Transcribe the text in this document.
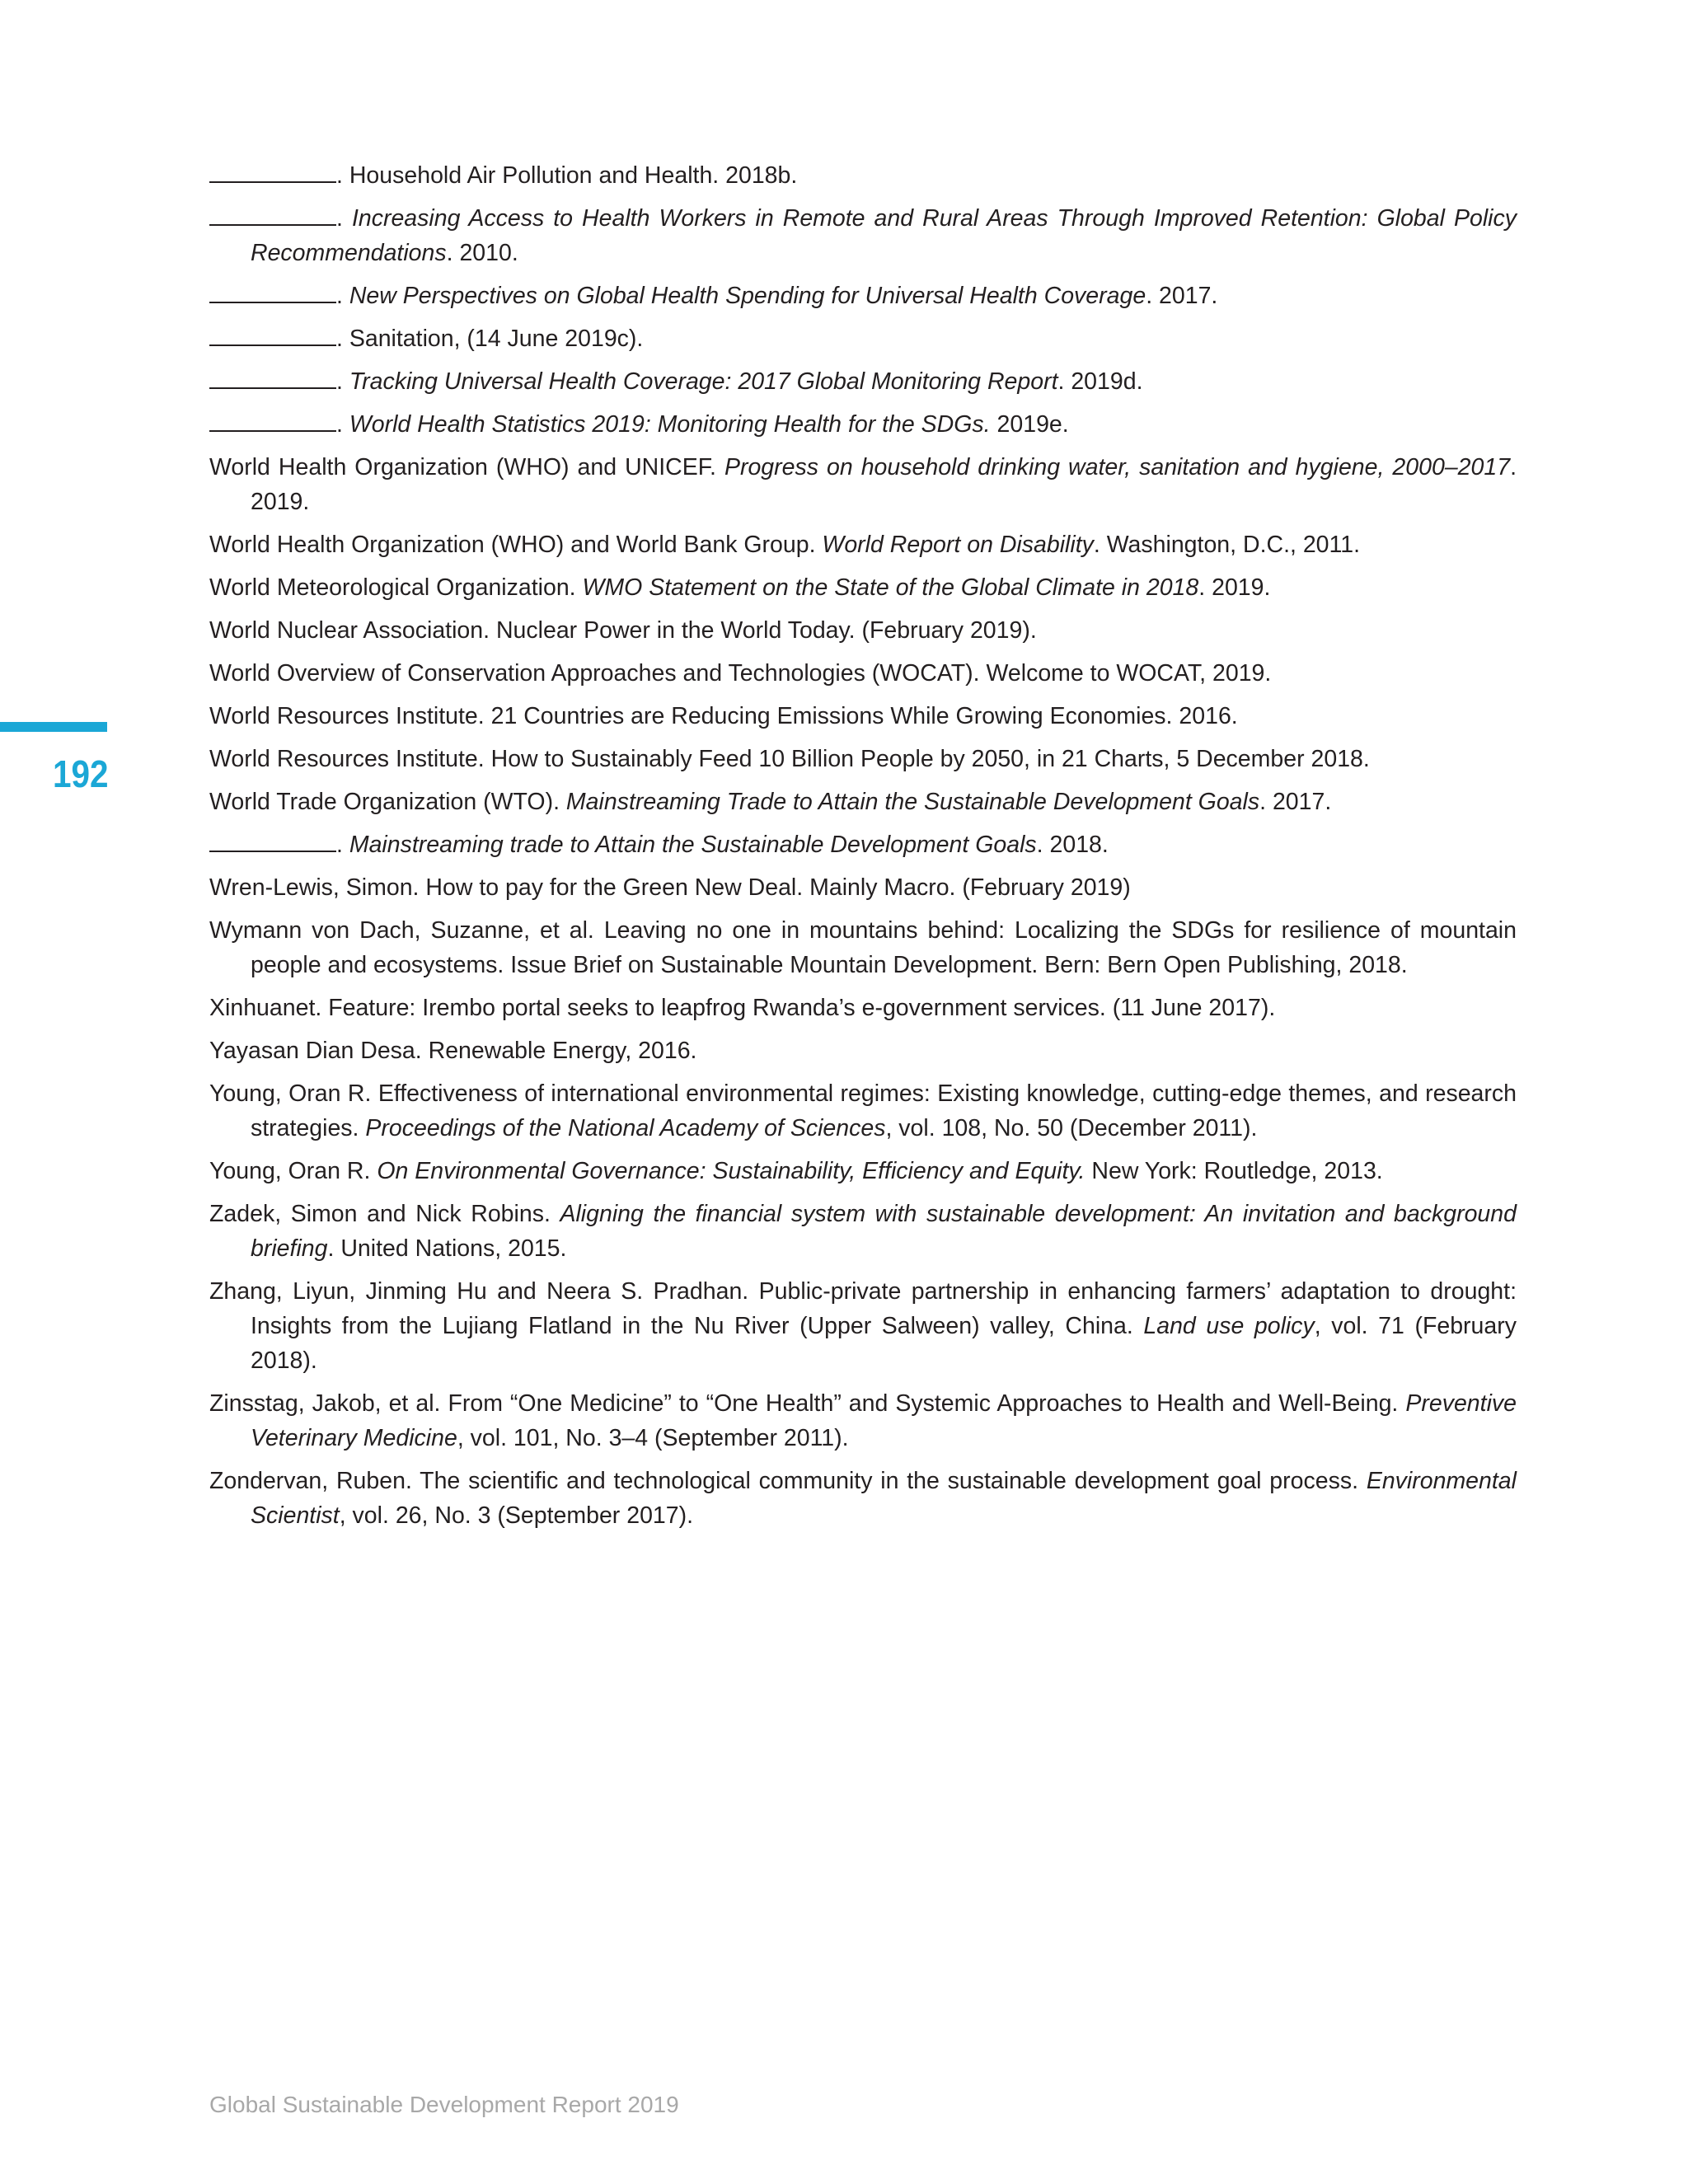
192

. Household Air Pollution and Health. 2018b.

. Increasing Access to Health Workers in Remote and Rural Areas Through Improved Retention: Global Policy Recommendations. 2010.

. New Perspectives on Global Health Spending for Universal Health Coverage. 2017.

. Sanitation, (14 June 2019c).

. Tracking Universal Health Coverage: 2017 Global Monitoring Report. 2019d.

. World Health Statistics 2019: Monitoring Health for the SDGs. 2019e.

World Health Organization (WHO) and UNICEF. Progress on household drinking water, sanitation and hygiene, 2000–2017. 2019.

World Health Organization (WHO) and World Bank Group. World Report on Disability. Washington, D.C., 2011.

World Meteorological Organization. WMO Statement on the State of the Global Climate in 2018. 2019.

World Nuclear Association. Nuclear Power in the World Today. (February 2019).

World Overview of Conservation Approaches and Technologies (WOCAT). Welcome to WOCAT, 2019.

World Resources Institute. 21 Countries are Reducing Emissions While Growing Economies. 2016.

World Resources Institute. How to Sustainably Feed 10 Billion People by 2050, in 21 Charts, 5 December 2018.

World Trade Organization (WTO). Mainstreaming Trade to Attain the Sustainable Development Goals. 2017.

. Mainstreaming trade to Attain the Sustainable Development Goals. 2018.

Wren-Lewis, Simon. How to pay for the Green New Deal. Mainly Macro. (February 2019)

Wymann von Dach, Suzanne, et al. Leaving no one in mountains behind: Localizing the SDGs for resilience of mountain people and ecosystems. Issue Brief on Sustainable Mountain Development. Bern: Bern Open Publishing, 2018.

Xinhuanet. Feature: Irembo portal seeks to leapfrog Rwanda’s e-government services. (11 June 2017).

Yayasan Dian Desa. Renewable Energy, 2016.

Young, Oran R. Effectiveness of international environmental regimes: Existing knowledge, cutting-edge themes, and research strategies. Proceedings of the National Academy of Sciences, vol. 108, No. 50 (December 2011).

Young, Oran R. On Environmental Governance: Sustainability, Efficiency and Equity. New York: Routledge, 2013.

Zadek, Simon and Nick Robins. Aligning the financial system with sustainable development: An invitation and background briefing. United Nations, 2015.

Zhang, Liyun, Jinming Hu and Neera S. Pradhan. Public-private partnership in enhancing farmers’ adaptation to drought: Insights from the Lujiang Flatland in the Nu River (Upper Salween) valley, China. Land use policy, vol. 71 (February 2018).

Zinsstag, Jakob, et al. From “One Medicine” to “One Health” and Systemic Approaches to Health and Well-Being. Preventive Veterinary Medicine, vol. 101, No. 3–4 (September 2011).

Zondervan, Ruben. The scientific and technological community in the sustainable development goal process. Environmental Scientist, vol. 26, No. 3 (September 2017).

Global Sustainable Development Report 2019
